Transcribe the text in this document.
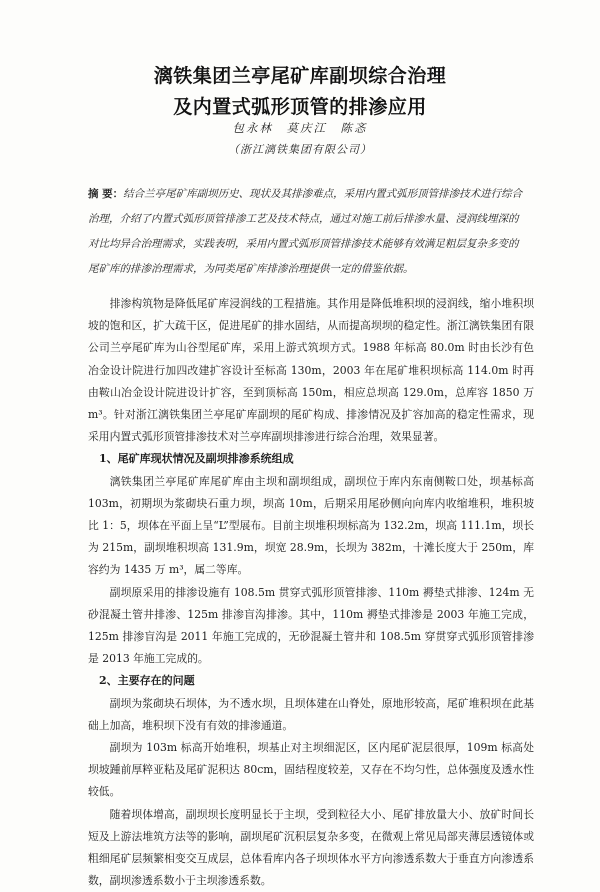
漓铁集团兰亭尾矿库副坝综合治理
及内置式弧形顶管的排渗应用
包永林　莫庆江　陈忞
（浙江漓铁集团有限公司）
摘 要：结合兰亭尾矿库副坝历史、现状及其排渗难点，采用内置式弧形顶管排渗技术进行综合治理，介绍了内置式弧形顶管排渗工艺及技术特点，通过对施工前后排渗水量、浸润线埋深的对比均异合治理需求，实践表明，采用内置式弧形顶管排渗技术能够有效满足粗层复杂多变的尾矿库的排渗治理需求，为同类尾矿库排渗治理提供一定的借鉴依据。

排渗构筑物是降低尾矿库浸润线的工程措施。其作用是降低堆积坝的浸润线，缩小堆积坝坡的饱和区，扩大疏干区，促进尾矿的排水固结，从而提高坝坝的稳定性。浙江漓铁集团有限公司兰亭尾矿库为山谷型尾矿库，采用上游式筑坝方式。1988 年标高 80.0m 时由长沙有色冶金设计院进行加四改建扩容设计至标高 130m，2003 年在尾矿堆积坝标高 114.0m 时再由鞍山冶金设计院进设计扩容，至到顶标高 150m，相应总坝高 129.0m，总库容 1850 万 m³。针对浙江漓铁集团兰亭尾矿库副坝的尾矿构成、排渗情况及扩容加高的稳定性需求，现采用内置式弧形顶管排渗技术对兰亭库副坝排渗进行综合治理，效果显著。

1、尾矿库现状情况及副坝排渗系统组成

漓铁集团兰亭尾矿库尾矿库由主坝和副坝组成，副坝位于库内东南侧鞍口处，坝基标高 103m，初期坝为浆砌块石重力坝，坝高 10m，后期采用尾砂侧向向库内收缩堆积，堆积坡比 1：5，坝体在平面上呈“L”型展布。目前主坝堆积坝标高为 132.2m，坝高 111.1m，坝长为 215m，副坝堆积坝高 131.9m，坝宽 28.9m，长坝为 382m，十滩长度大于 250m，库容约为 1435 万 m³，属二等库。

副坝原采用的排渗设施有 108.5m 贯穿式弧形顶管排渗、110m 褥垫式排渗、124m 无砂混凝土管井排渗、125m 排渗盲沟排渗。其中，110m 褥垫式排渗是 2003 年施工完成，125m 排渗盲沟是 2011 年施工完成的，无砂混凝土管井和 108.5m 穿贯穿式弧形顶管排渗是 2013 年施工完成的。

2、主要存在的问题

副坝为浆砌块石坝体，为不透水坝，且坝体建在山脊处，原地形较高，尾矿堆积坝在此基础上加高，堆积坝下没有有效的排渗通道。

副坝为 103m 标高开始堆积，坝基止对主坝细泥区，区内尾矿泥层很厚，109m 标高处坝坡踵前厚粹亚粘及尾矿泥积达 80cm，固结程度较差，又存在不均匀性，总体强度及透水性较低。

随着坝体增高，副坝坝长度明显长于主坝，受到粒径大小、尾矿排放量大小、放矿时间长短及上游法堆筑方法等的影响，副坝尾矿沉积层复杂多变，在微观上常见局部夹薄层透镜体或粗细尾矿层频繁相变交互成层，总体看库内各子坝坝体水平方向渗透系数大于垂直方向渗透系数，副坝渗透系数小于主坝渗透系数。
